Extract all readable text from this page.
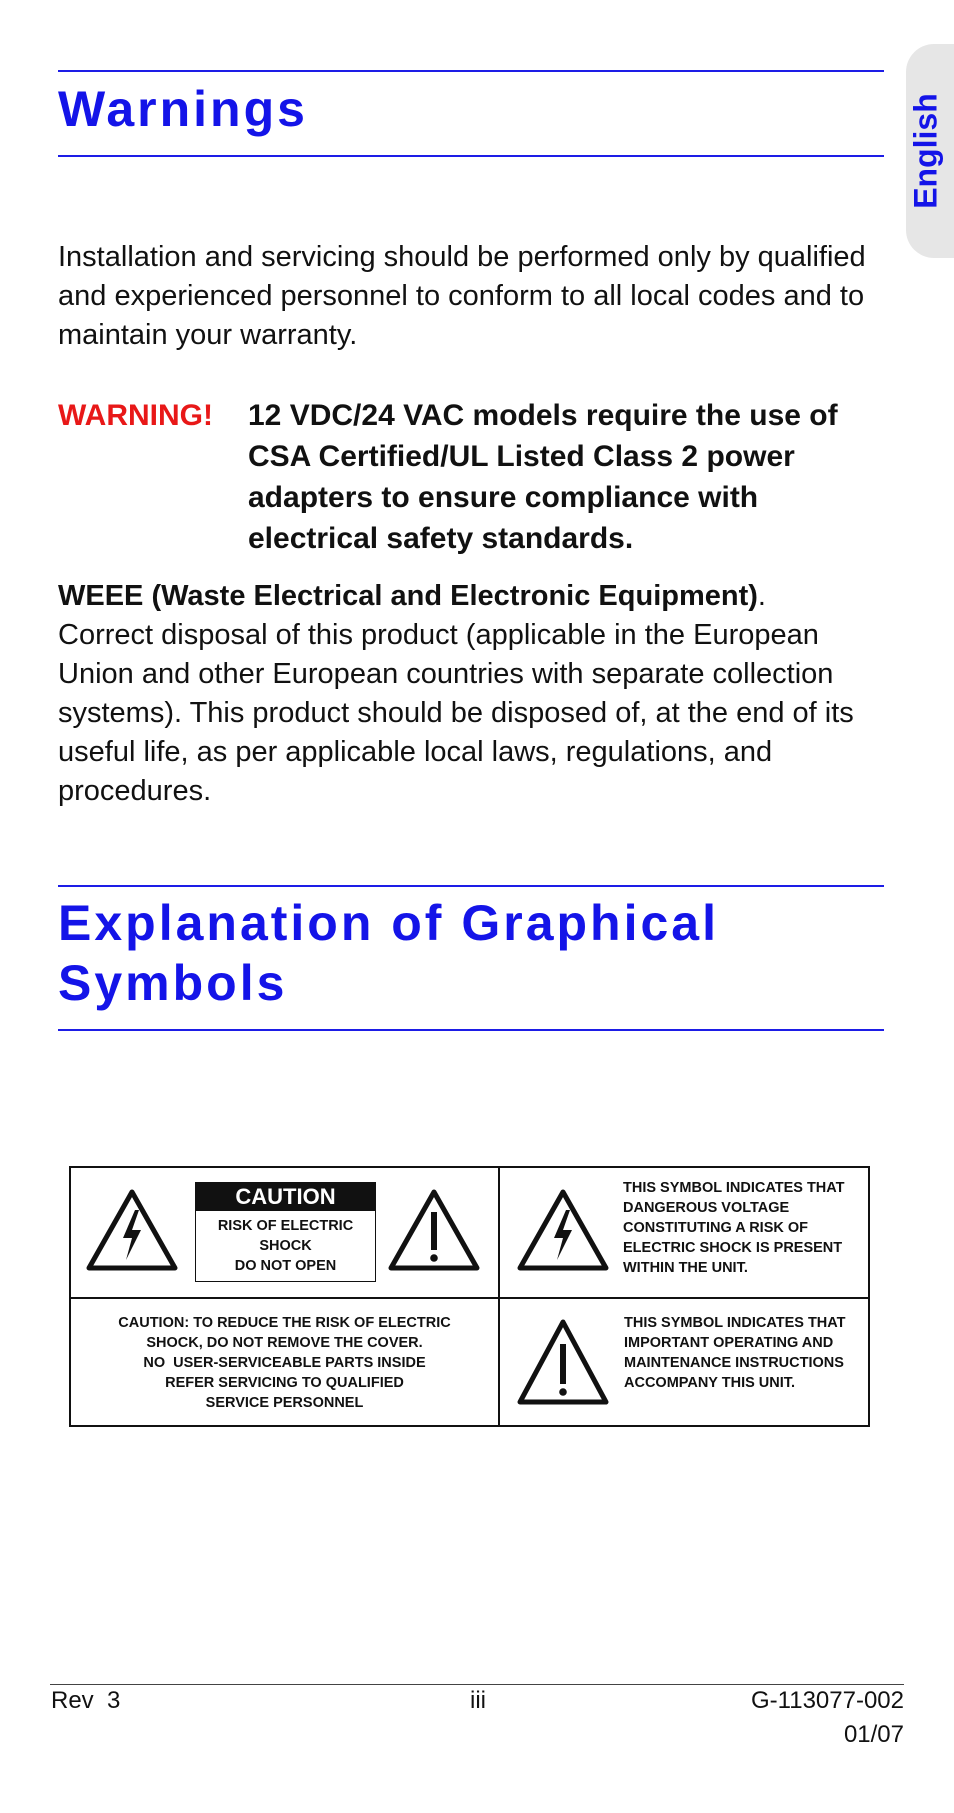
English
Warnings

Installation and servicing should be performed only by qualified and experienced personnel to conform to all local codes and to maintain your warranty.

WARNING! 12 VDC/24 VAC models require the use of CSA Certified/UL Listed Class 2 power adapters to ensure compliance with electrical safety standards.

WEEE (Waste Electrical and Electronic Equipment).
Correct disposal of this product (applicable in the European Union and other European countries with separate collection systems). This product should be disposed of, at the end of its useful life, as per applicable local laws, regulations, and procedures.

Explanation of Graphical
Symbols
CAUTION
RISK OF ELECTRIC
SHOCK
DO NOT OPEN
THIS SYMBOL INDICATES THAT
DANGEROUS VOLTAGE
CONSTITUTING A RISK OF
ELECTRIC SHOCK IS PRESENT
WITHIN THE UNIT.
CAUTION: TO REDUCE THE RISK OF ELECTRIC
SHOCK, DO NOT REMOVE THE COVER.
NO  USER-SERVICEABLE PARTS INSIDE
REFER SERVICING TO QUALIFIED
SERVICE PERSONNEL
THIS SYMBOL INDICATES THAT
IMPORTANT OPERATING AND
MAINTENANCE INSTRUCTIONS
ACCOMPANY THIS UNIT.

Rev  3	iii	G-113077-002
01/07
